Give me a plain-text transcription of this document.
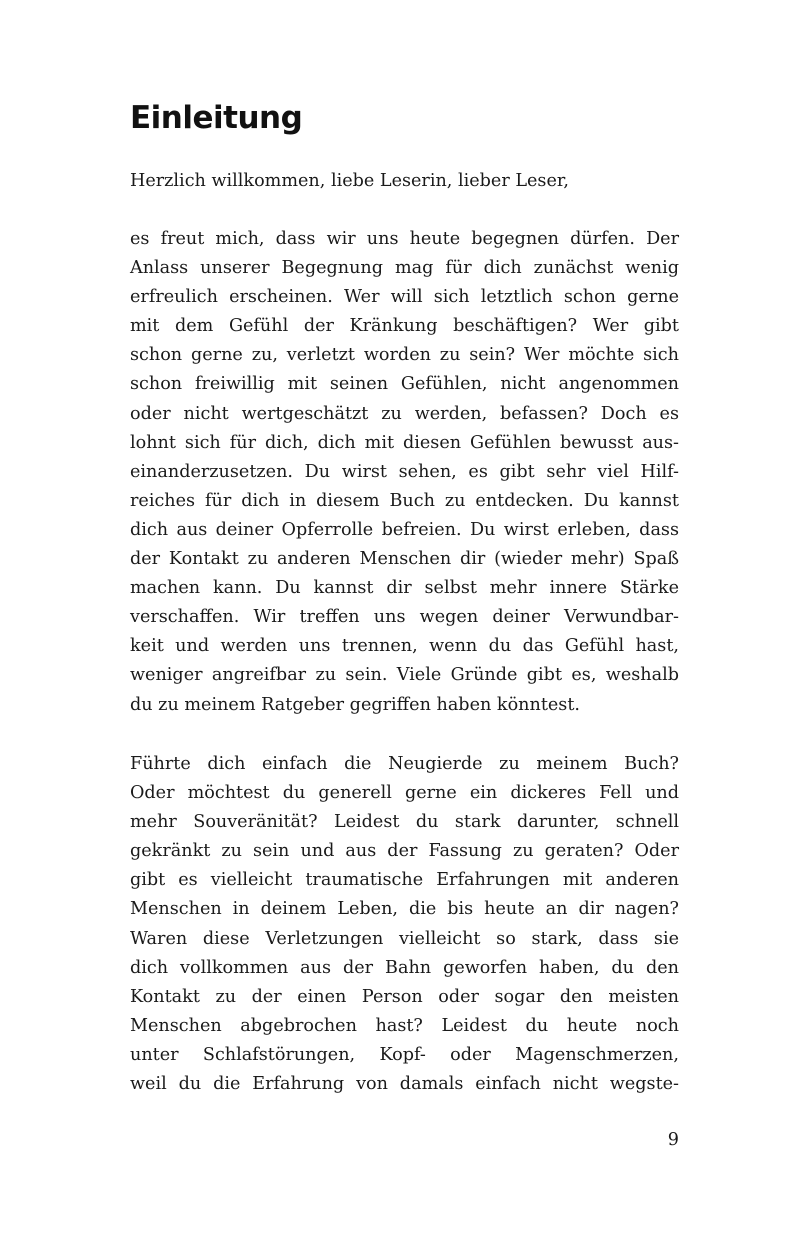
Einleitung
Herzlich willkommen, liebe Leserin, lieber Leser,
es freut mich, dass wir uns heute begegnen dürfen. Der
Anlass unserer Begegnung mag für dich zunächst wenig
erfreulich erscheinen. Wer will sich letztlich schon gerne
mit dem Gefühl der Kränkung beschäftigen? Wer gibt
schon gerne zu, verletzt worden zu sein? Wer möchte sich
schon freiwillig mit seinen Gefühlen, nicht angenommen
oder nicht wertgeschätzt zu werden, befassen? Doch es
lohnt sich für dich, dich mit diesen Gefühlen bewusst aus-
einanderzusetzen. Du wirst sehen, es gibt sehr viel Hilf-
reiches für dich in diesem Buch zu entdecken. Du kannst
dich aus deiner Opferrolle befreien. Du wirst erleben, dass
der Kontakt zu anderen Menschen dir (wieder mehr) Spaß
machen kann. Du kannst dir selbst mehr innere Stärke
verschaffen. Wir treffen uns wegen deiner Verwundbar-
keit und werden uns trennen, wenn du das Gefühl hast,
weniger angreifbar zu sein. Viele Gründe gibt es, weshalb
du zu meinem Ratgeber gegriffen haben könntest.
Führte dich einfach die Neugierde zu meinem Buch?
Oder möchtest du generell gerne ein dickeres Fell und
mehr Souveränität? Leidest du stark darunter, schnell
gekränkt zu sein und aus der Fassung zu geraten? Oder
gibt es vielleicht traumatische Erfahrungen mit anderen
Menschen in deinem Leben, die bis heute an dir nagen?
Waren diese Verletzungen vielleicht so stark, dass sie
dich vollkommen aus der Bahn geworfen haben, du den
Kontakt zu der einen Person oder sogar den meisten
Menschen abgebrochen hast? Leidest du heute noch
unter Schlafstörungen, Kopf- oder Magenschmerzen,
weil du die Erfahrung von damals einfach nicht wegste-
9
